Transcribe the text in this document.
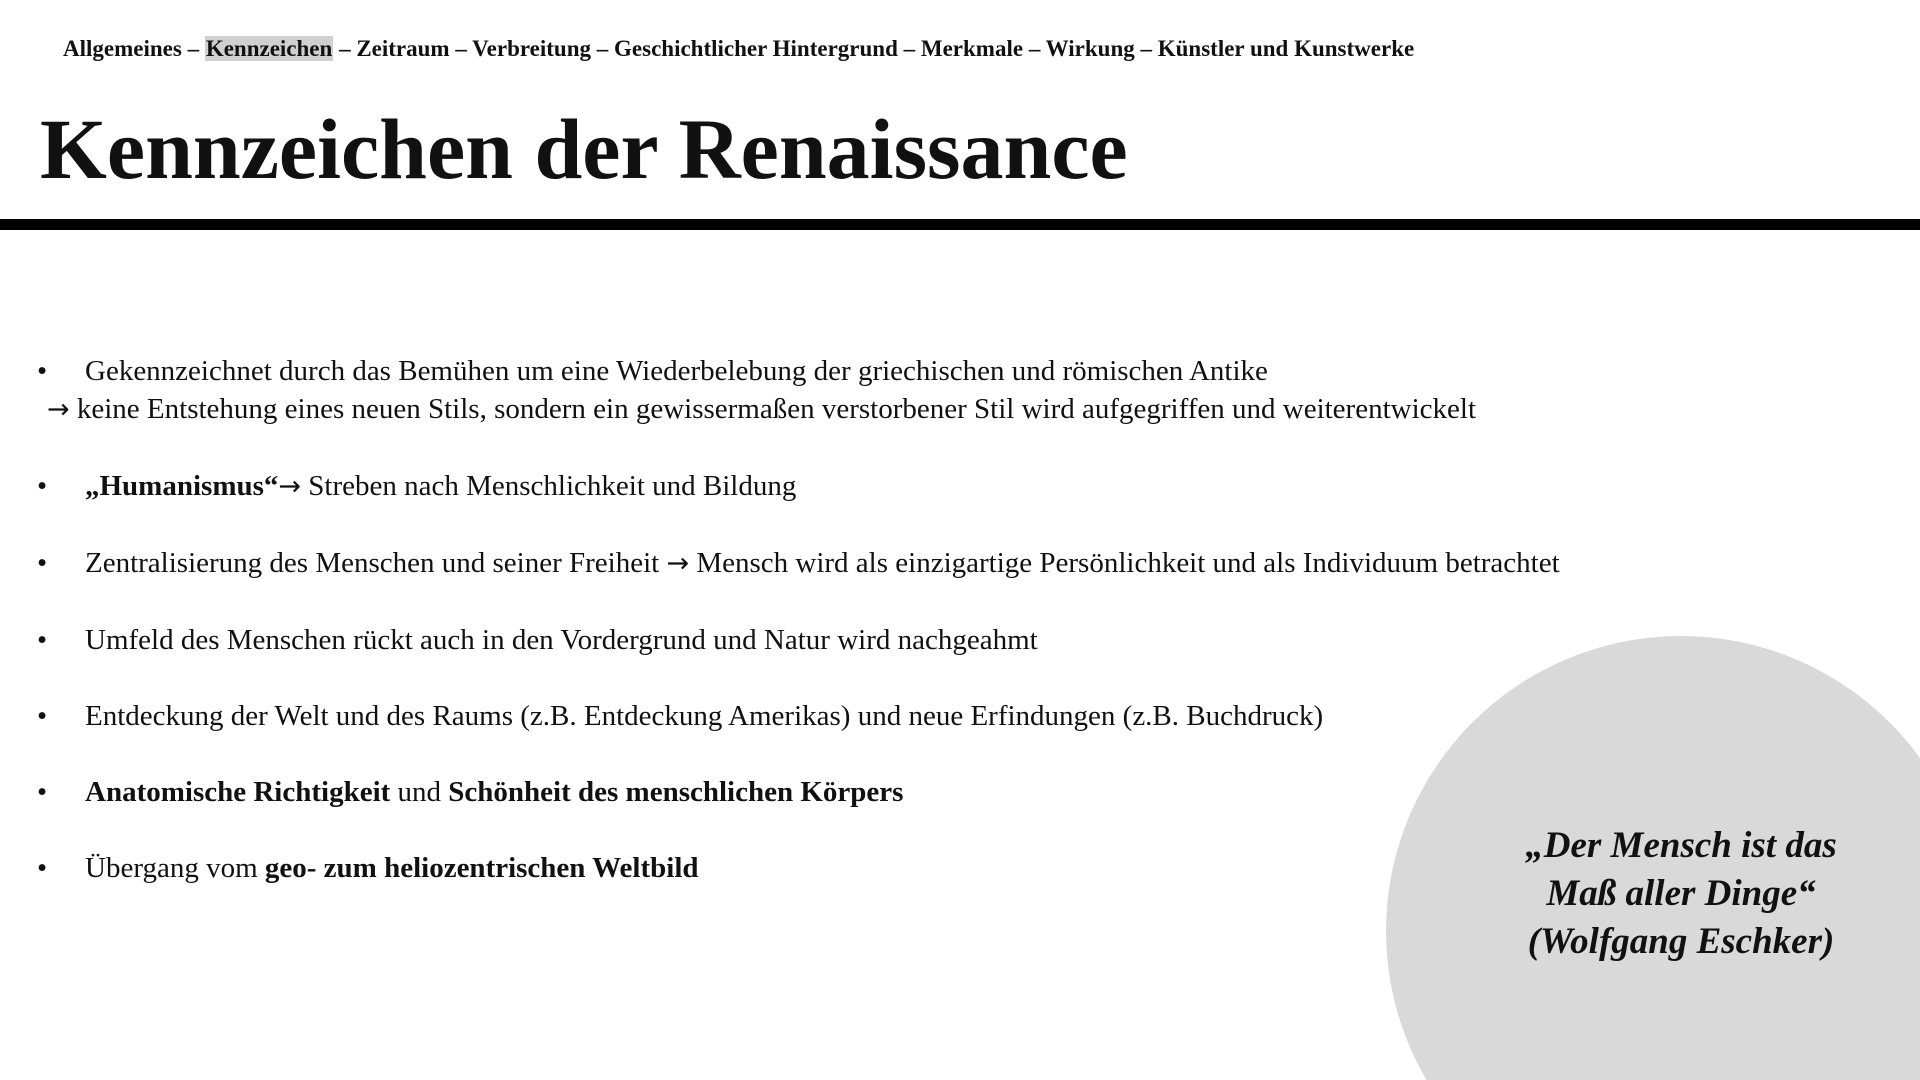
Allgemeines – Kennzeichen – Zeitraum – Verbreitung – Geschichtlicher Hintergrund – Merkmale – Wirkung – Künstler und Kunstwerke
Kennzeichen der Renaissance
• Gekennzeichnet durch das Bemühen um eine Wiederbelebung der griechischen und römischen Antike
→ keine Entstehung eines neuen Stils, sondern ein gewissermaßen verstorbener Stil wird aufgegriffen und weiterentwickelt
• „Humanismus“→ Streben nach Menschlichkeit und Bildung
• Zentralisierung des Menschen und seiner Freiheit → Mensch wird als einzigartige Persönlichkeit und als Individuum betrachtet
• Umfeld des Menschen rückt auch in den Vordergrund und Natur wird nachgeahmt
• Entdeckung der Welt und des Raums (z.B. Entdeckung Amerikas) und neue Erfindungen (z.B. Buchdruck)
• Anatomische Richtigkeit und Schönheit des menschlichen Körpers
• Übergang vom geo- zum heliozentrischen Weltbild
„Der Mensch ist das
Maß aller Dinge“
(Wolfgang Eschker)
